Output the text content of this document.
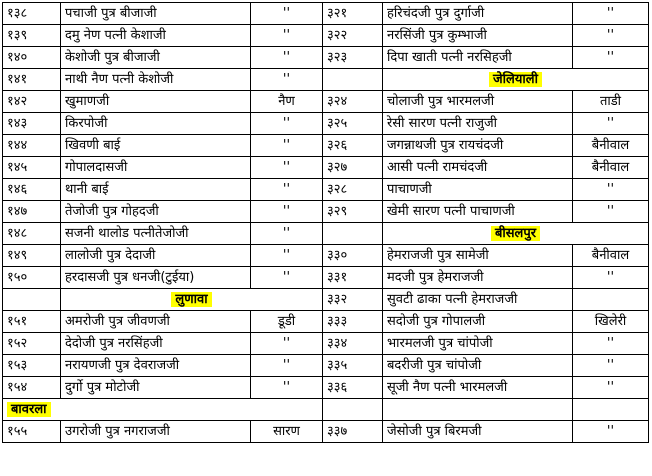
१३८	पचाजी पुत्र बीजाजी	''	३२१	हरिचंदजी पुत्र दुर्गाजी	''
१३९	दमु नेण पत्नी केशाजी	''	३२२	नरसिंजी पुत्र कुम्भाजी	''
१४०	केशोजी पुत्र बीजाजी	''	३२३	दिपा खाती पत्नी नरसिहजी	''
१४१	नाथी नैण पत्नी केशोजी	''		जेलियाली	
१४२	खुमाणजी	नैण	३२४	चोलाजी पुत्र भारमलजी	ताडी
१४३	किरपोजी	''	३२५	रेसी सारण पत्नी राजुजी	''
१४४	खिवणी बाई	''	३२६	जगन्नाथजी पुत्र रायचंदजी	बैनीवाल
१४५	गोपालदासजी	''	३२७	आसी पत्नी रामचंदजी	बैनीवाल
१४६	थानी बाई	''	३२८	पाचाणजी	''
१४७	तेजोजी पुत्र गोहदजी	''	३२९	खेमी सारण पत्नी पाचाणजी	''
१४८	सजनी थालोड पत्नीतेजोजी	''		बीसलपुर	
१४९	लालोजी पुत्र देदाजी	''	३३०	हेमराजजी पुत्र सामेजी	बैनीवाल
१५०	हरदासजी पुत्र धनजी(टुईया)	''	३३१	मदजी पुत्र हेमराजजी	''
	लुणावा		३३२	सुवटी ढाका पत्नी हेमराजजी	
१५१	अमरोजी पुत्र जीवणजी	डूडी	३३३	सदोजी पुत्र गोपालजी	खिलेरी
१५२	देदोजी पुत्र नरसिंहजी	''	३३४	भारमलजी पुत्र चांपोजी	''
१५३	नरायणजी पुत्र देवराजजी	''	३३५	बदरीजी पुत्र चांपोजी	''
१५४	दुर्गो पुत्र मोटोजी	''	३३६	सूजी नैण पत्नी भारमलजी	''
बावरला					
१५५	उगरोजी पुत्र नगराजजी	सारण	३३७	जेसोजी पुत्र बिरमजी	''
